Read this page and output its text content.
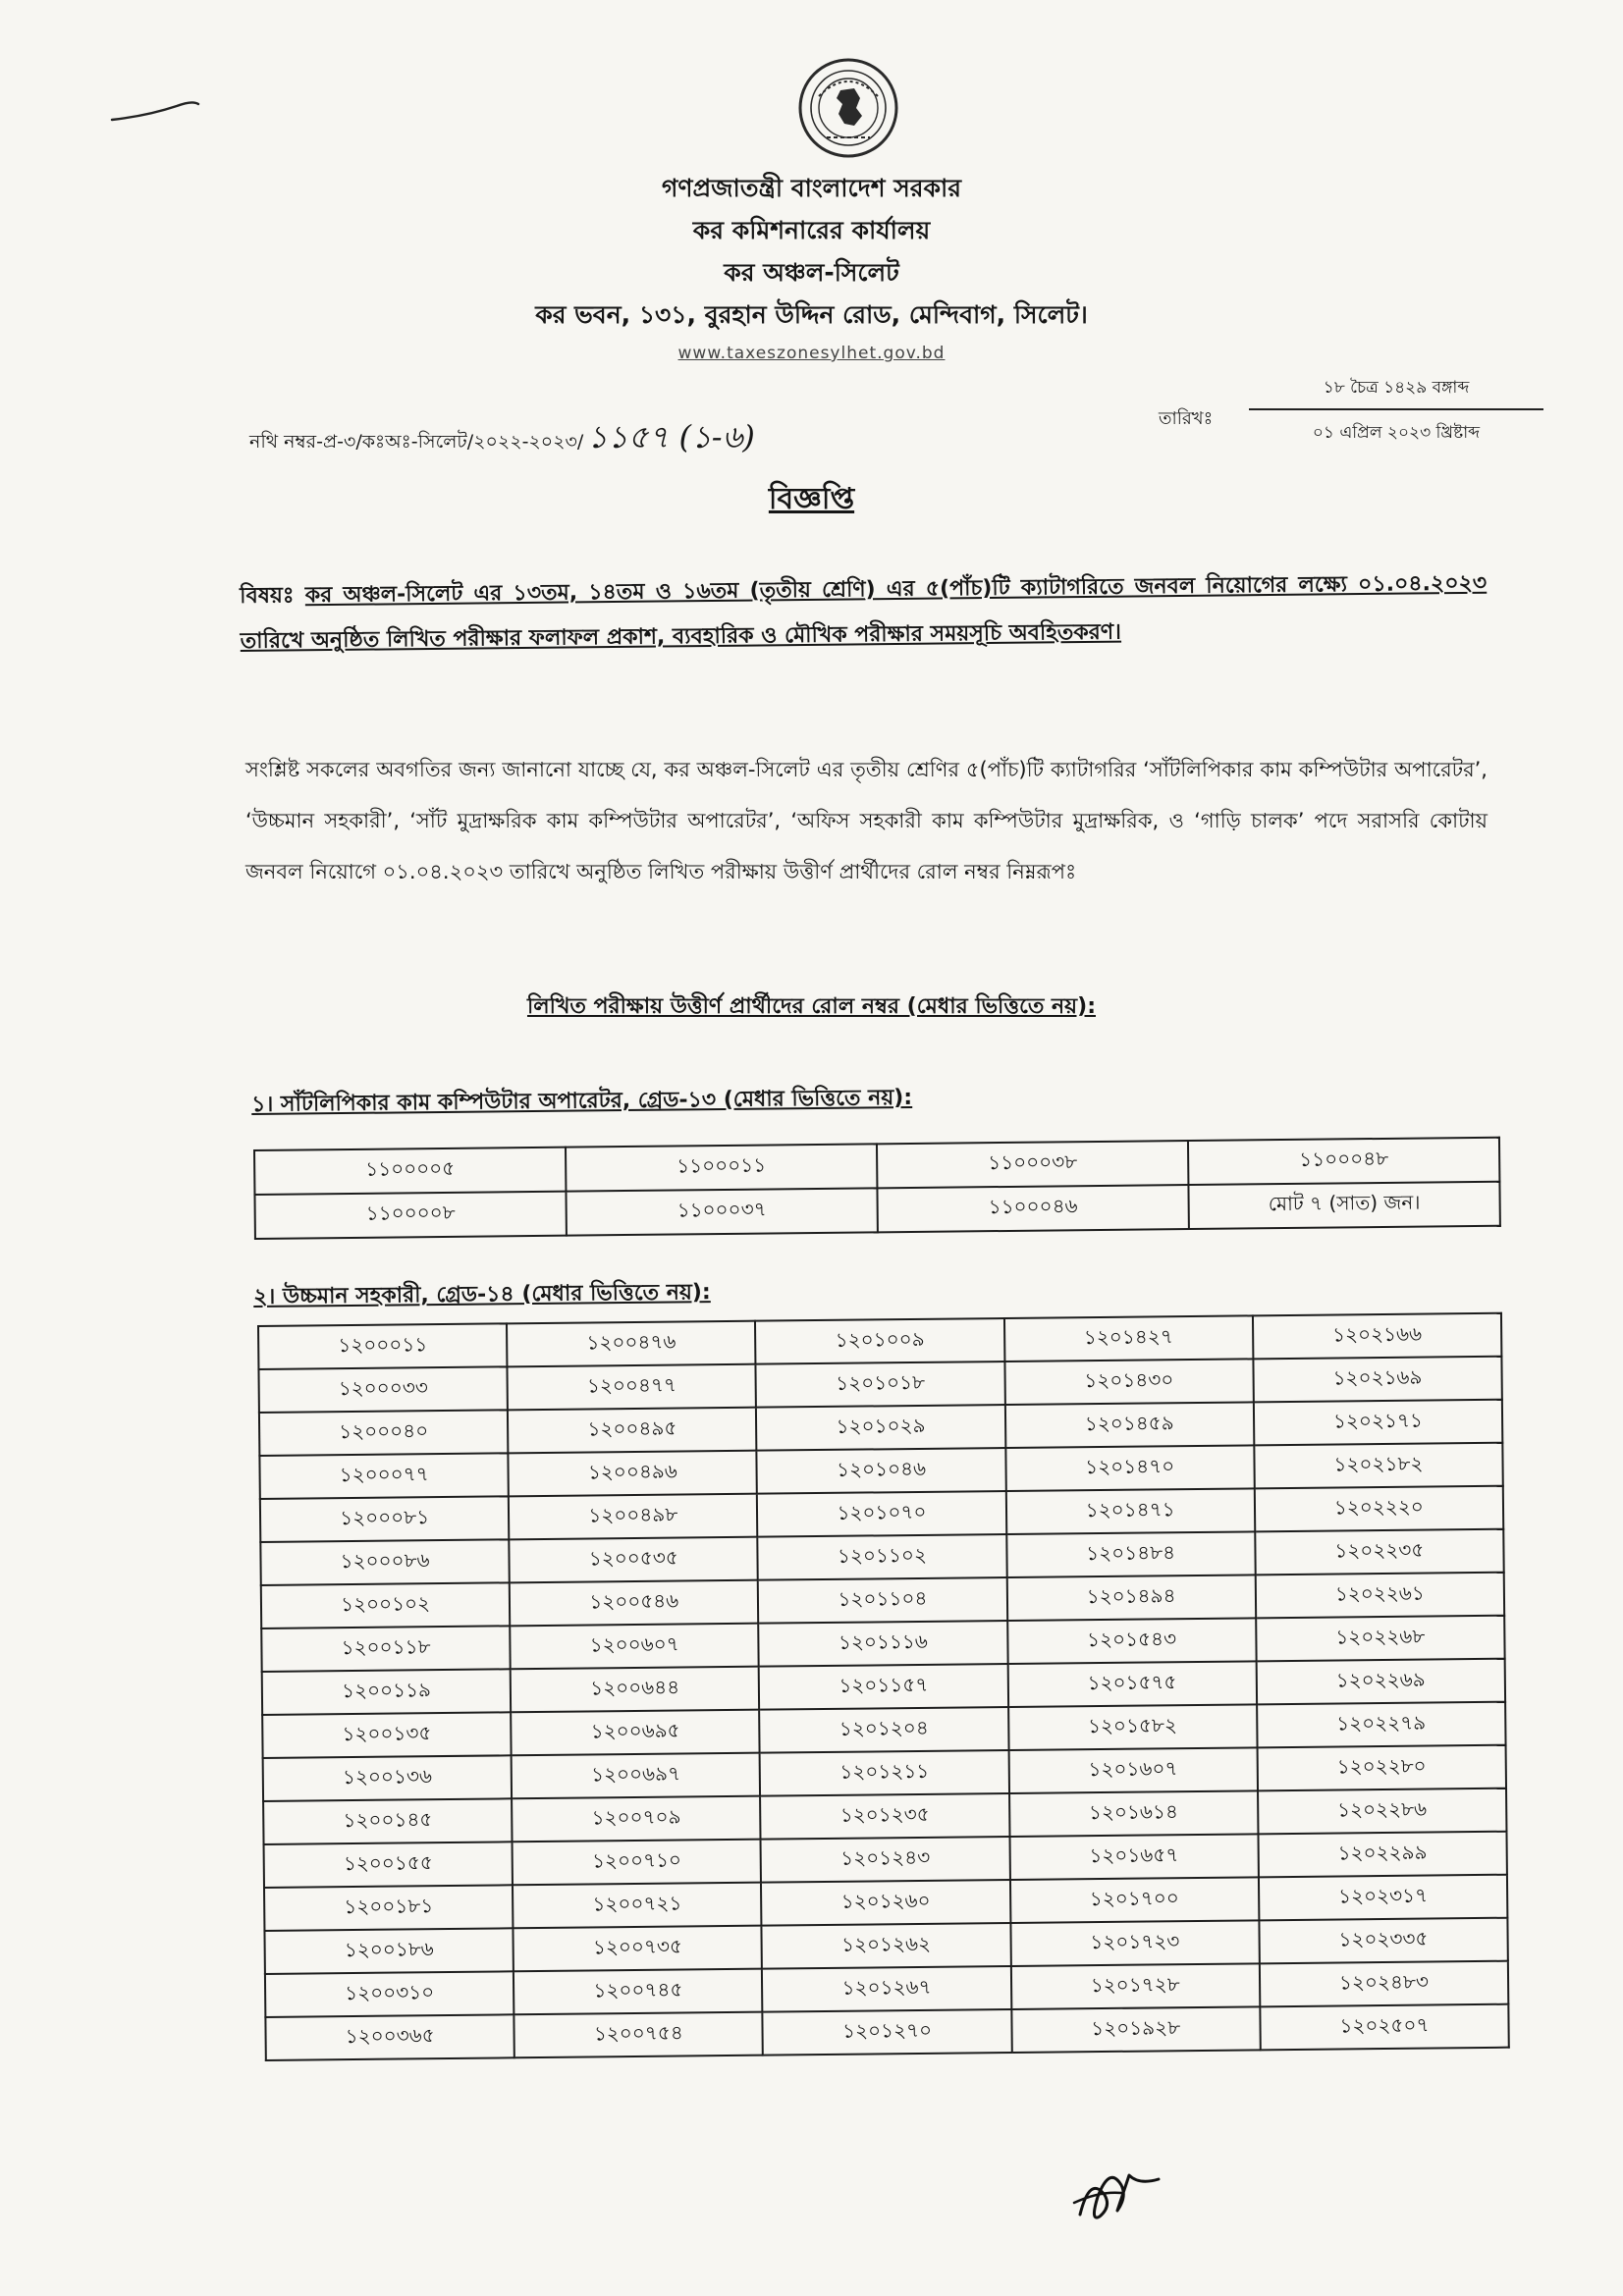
গণপ্রজাতন্ত্রী বাংলাদেশ সরকার
কর কমিশনারের কার্যালয়
কর অঞ্চল-সিলেট
কর ভবন, ১৩১, বুরহান উদ্দিন রোড, মেন্দিবাগ, সিলেট।
www.taxeszonesylhet.gov.bd
নথি নম্বর-প্র-৩/কঃঅঃ-সিলেট/২০২২-২০২৩/ ১১৫৭ (১-৬)	তারিখঃ
১৮ চৈত্র ১৪২৯ বঙ্গাব্দ
০১ এপ্রিল ২০২৩ খ্রিষ্টাব্দ
বিজ্ঞপ্তি
বিষয়ঃ কর অঞ্চল-সিলেট এর ১৩তম, ১৪তম ও ১৬তম (তৃতীয় শ্রেণি) এর ৫(পাঁচ)টি ক্যাটাগরিতে জনবল নিয়োগের লক্ষ্যে ০১.০৪.২০২৩ তারিখে অনুষ্ঠিত লিখিত পরীক্ষার ফলাফল প্রকাশ, ব্যবহারিক ও মৌখিক পরীক্ষার সময়সূচি অবহিতকরণ।
সংশ্লিষ্ট সকলের অবগতির জন্য জানানো যাচ্ছে যে, কর অঞ্চল-সিলেট এর তৃতীয় শ্রেণির ৫(পাঁচ)টি ক্যাটাগরির ‘সাঁটলিপিকার কাম কম্পিউটার অপারেটর’, ‘উচ্চমান সহকারী’, ‘সাঁট মুদ্রাক্ষরিক কাম কম্পিউটার অপারেটর’, ‘অফিস সহকারী কাম কম্পিউটার মুদ্রাক্ষরিক, ও ‘গাড়ি চালক’ পদে সরাসরি কোটায় জনবল নিয়োগে ০১.০৪.২০২৩ তারিখে অনুষ্ঠিত লিখিত পরীক্ষায় উত্তীর্ণ প্রার্থীদের রোল নম্বর নিম্নরূপঃ
লিখিত পরীক্ষায় উত্তীর্ণ প্রার্থীদের রোল নম্বর (মেধার ভিত্তিতে নয়):
১। সাঁটলিপিকার কাম কম্পিউটার অপারেটর, গ্রেড-১৩ (মেধার ভিত্তিতে নয়):
১১০০০০৫	১১০০০১১	১১০০০৩৮	১১০০০৪৮
১১০০০০৮	১১০০০৩৭	১১০০০৪৬	মোট ৭ (সাত) জন।
২। উচ্চমান সহকারী, গ্রেড-১৪ (মেধার ভিত্তিতে নয়):
১২০০০১১	১২০০৪৭৬	১২০১০০৯	১২০১৪২৭	১২০২১৬৬
১২০০০৩৩	১২০০৪৭৭	১২০১০১৮	১২০১৪৩০	১২০২১৬৯
১২০০০৪০	১২০০৪৯৫	১২০১০২৯	১২০১৪৫৯	১২০২১৭১
১২০০০৭৭	১২০০৪৯৬	১২০১০৪৬	১২০১৪৭০	১২০২১৮২
১২০০০৮১	১২০০৪৯৮	১২০১০৭০	১২০১৪৭১	১২০২২২০
১২০০০৮৬	১২০০৫৩৫	১২০১১০২	১২০১৪৮৪	১২০২২৩৫
১২০০১০২	১২০০৫৪৬	১২০১১০৪	১২০১৪৯৪	১২০২২৬১
১২০০১১৮	১২০০৬০৭	১২০১১১৬	১২০১৫৪৩	১২০২২৬৮
১২০০১১৯	১২০০৬৪৪	১২০১১৫৭	১২০১৫৭৫	১২০২২৬৯
১২০০১৩৫	১২০০৬৯৫	১২০১২০৪	১২০১৫৮২	১২০২২৭৯
১২০০১৩৬	১২০০৬৯৭	১২০১২১১	১২০১৬০৭	১২০২২৮০
১২০০১৪৫	১২০০৭০৯	১২০১২৩৫	১২০১৬১৪	১২০২২৮৬
১২০০১৫৫	১২০০৭১০	১২০১২৪৩	১২০১৬৫৭	১২০২২৯৯
১২০০১৮১	১২০০৭২১	১২০১২৬০	১২০১৭০০	১২০২৩১৭
১২০০১৮৬	১২০০৭৩৫	১২০১২৬২	১২০১৭২৩	১২০২৩৩৫
১২০০৩১০	১২০০৭৪৫	১২০১২৬৭	১২০১৭২৮	১২০২৪৮৩
১২০০৩৬৫	১২০০৭৫৪	১২০১২৭০	১২০১৯২৮	১২০২৫০৭
